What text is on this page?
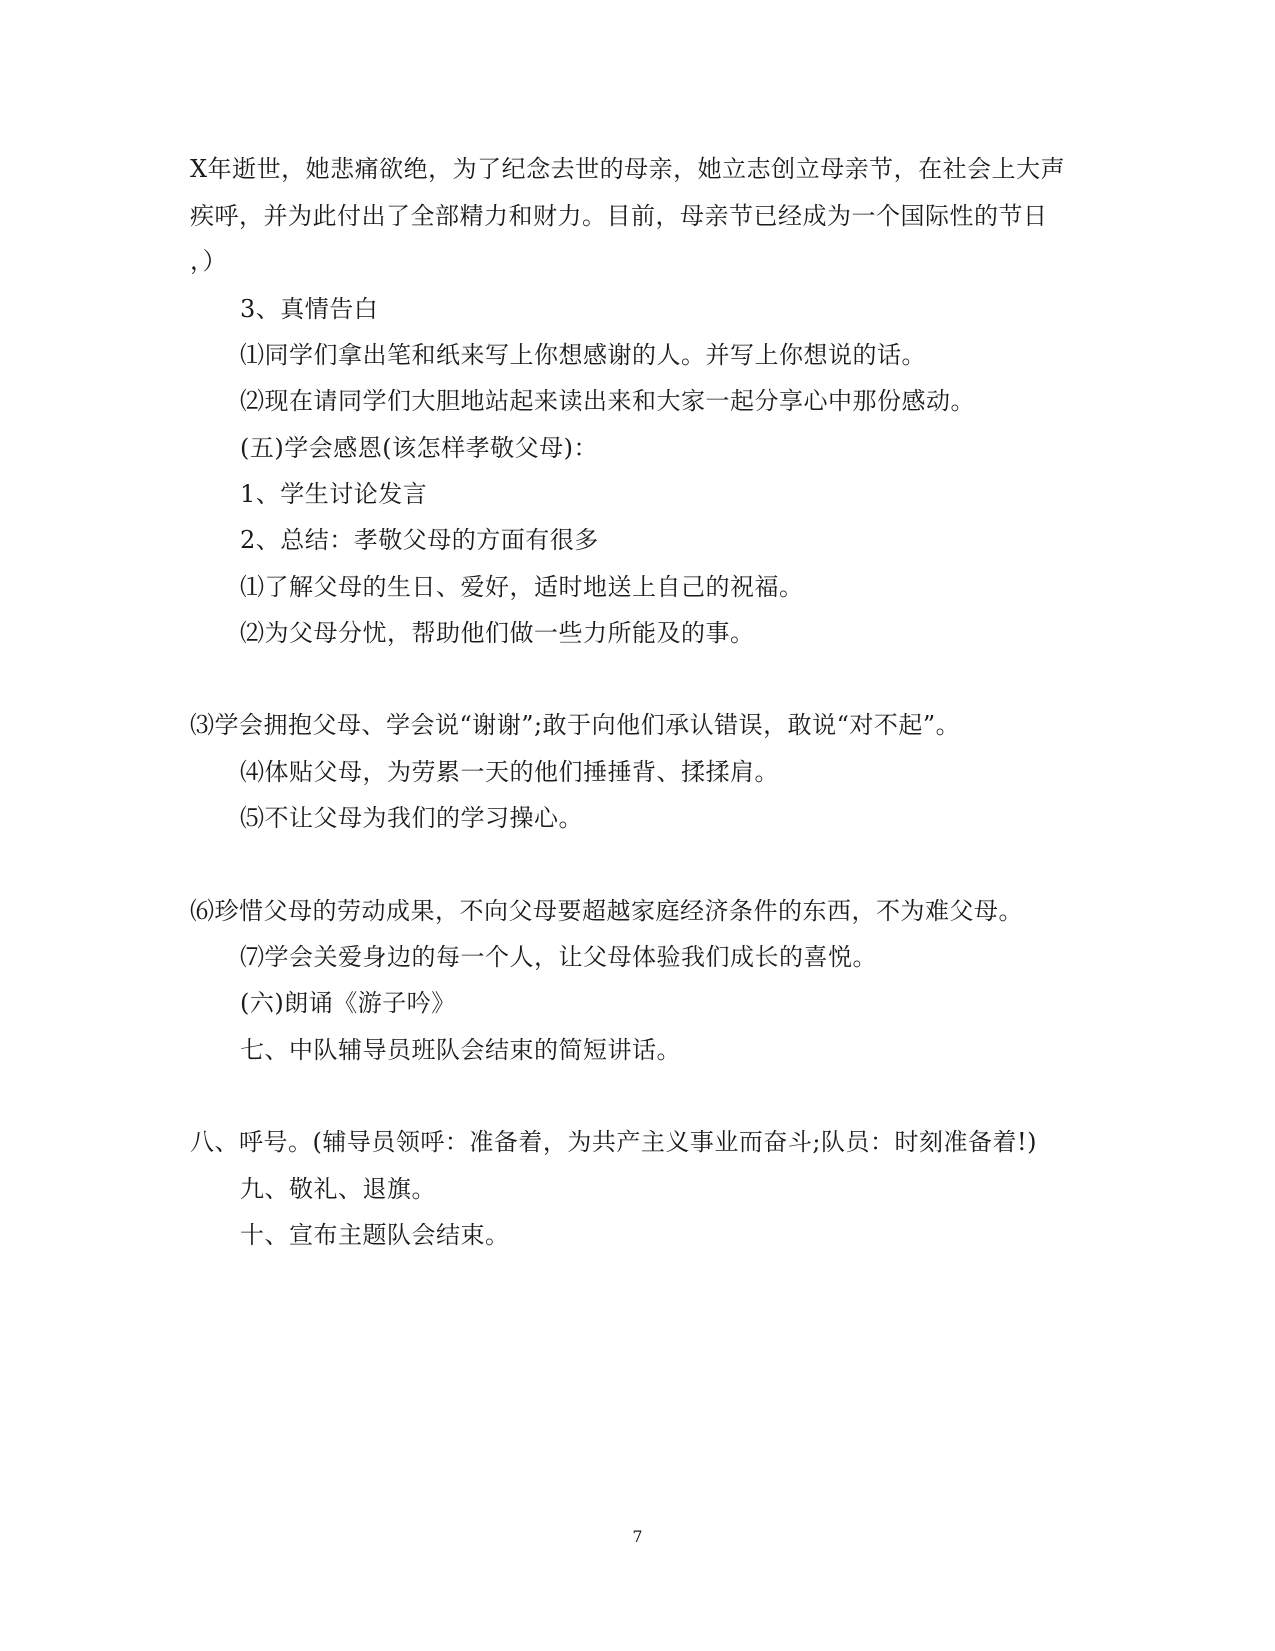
X年逝世，她悲痛欲绝，为了纪念去世的母亲，她立志创立母亲节，在社会上大声
疾呼，并为此付出了全部精力和财力。目前，母亲节已经成为一个国际性的节日
，）
3、真情告白
⑴同学们拿出笔和纸来写上你想感谢的人。并写上你想说的话。
⑵现在请同学们大胆地站起来读出来和大家一起分享心中那份感动。
(五)学会感恩(该怎样孝敬父母)：
1、学生讨论发言
2、总结：孝敬父母的方面有很多
⑴了解父母的生日、爱好，适时地送上自己的祝福。
⑵为父母分忧，帮助他们做一些力所能及的事。
⑶学会拥抱父母、学会说“谢谢”;敢于向他们承认错误，敢说“对不起”。
⑷体贴父母，为劳累一天的他们捶捶背、揉揉肩。
⑸不让父母为我们的学习操心。
⑹珍惜父母的劳动成果，不向父母要超越家庭经济条件的东西，不为难父母。
⑺学会关爱身边的每一个人，让父母体验我们成长的喜悦。
(六)朗诵《游子吟》
七、中队辅导员班队会结束的简短讲话。
八、呼号。(辅导员领呼：准备着，为共产主义事业而奋斗;队员：时刻准备着!)
九、敬礼、退旗。
十、宣布主题队会结束。
7
